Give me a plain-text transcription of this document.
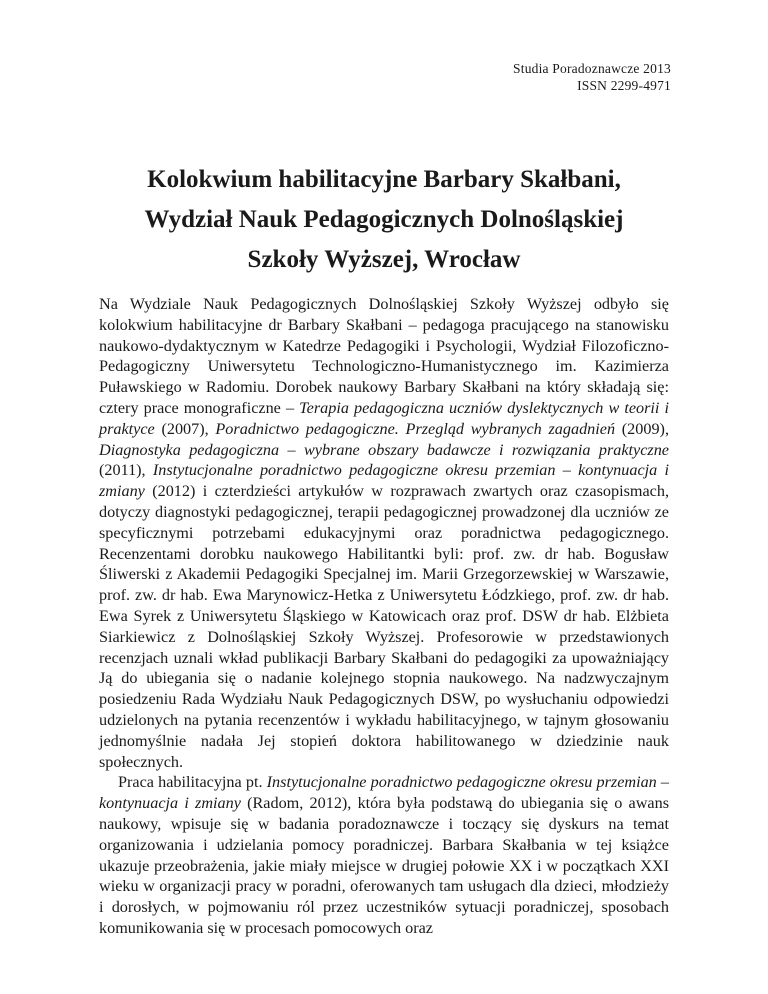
Studia Poradoznawcze 2013
ISSN 2299-4971
Kolokwium habilitacyjne Barbary Skałbani,
Wydział Nauk Pedagogicznych Dolnośląskiej
Szkoły Wyższej, Wrocław

Na Wydziale Nauk Pedagogicznych Dolnośląskiej Szkoły Wyższej odbyło się kolokwium habilitacyjne dr Barbary Skałbani – pedagoga pracującego na stanowisku naukowo-dydaktycznym w Katedrze Pedagogiki i Psychologii, Wydział Filozoficzno-Pedagogiczny Uniwersytetu Technologiczno-Humanistycznego im. Kazimierza Puławskiego w Radomiu. Dorobek naukowy Barbary Skałbani na który składają się: cztery prace monograficzne – Terapia pedagogiczna uczniów dyslektycznych w teorii i praktyce (2007), Poradnictwo pedagogiczne. Przegląd wybranych zagadnień (2009), Diagnostyka pedagogiczna – wybrane obszary badawcze i rozwiązania praktyczne (2011), Instytucjonalne poradnictwo pedagogiczne okresu przemian – kontynuacja i zmiany (2012) i czterdzieści artykułów w rozprawach zwartych oraz czasopismach, dotyczy diagnostyki pedagogicznej, terapii pedagogicznej prowadzonej dla uczniów ze specyficznymi potrzebami edukacyjnymi oraz poradnictwa pedagogicznego. Recenzentami dorobku naukowego Habilitantki byli: prof. zw. dr hab. Bogusław Śliwerski z Akademii Pedagogiki Specjalnej im. Marii Grzegorzewskiej w Warszawie, prof. zw. dr hab. Ewa Marynowicz-Hetka z Uniwersytetu Łódzkiego, prof. zw. dr hab. Ewa Syrek z Uniwersytetu Śląskiego w Katowicach oraz prof. DSW dr hab. Elżbieta Siarkiewicz z Dolnośląskiej Szkoły Wyższej. Profesorowie w przedstawionych recenzjach uznali wkład publikacji Barbary Skałbani do pedagogiki za upoważniający Ją do ubiegania się o nadanie kolejnego stopnia naukowego. Na nadzwyczajnym posiedzeniu Rada Wydziału Nauk Pedagogicznych DSW, po wysłuchaniu odpowiedzi udzielonych na pytania recenzentów i wykładu habilitacyjnego, w tajnym głosowaniu jednomyślnie nadała Jej stopień doktora habilitowanego w dziedzinie nauk społecznych.

Praca habilitacyjna pt. Instytucjonalne poradnictwo pedagogiczne okresu przemian – kontynuacja i zmiany (Radom, 2012), która była podstawą do ubiegania się o awans naukowy, wpisuje się w badania poradoznawcze i toczący się dyskurs na temat organizowania i udzielania pomocy poradniczej. Barbara Skałbania w tej książce ukazuje przeobrażenia, jakie miały miejsce w drugiej połowie XX i w początkach XXI wieku w organizacji pracy w poradni, oferowanych tam usługach dla dzieci, młodzieży i dorosłych, w pojmowaniu ról przez uczestników sytuacji poradniczej, sposobach komunikowania się w procesach pomocowych oraz
